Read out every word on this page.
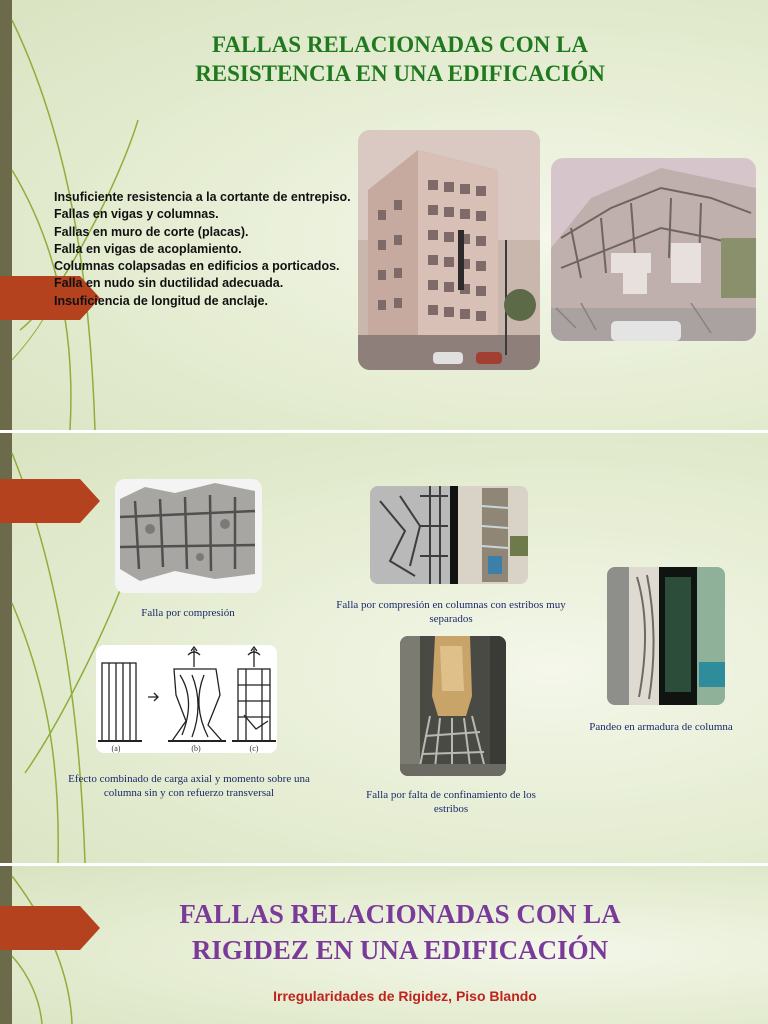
FALLAS RELACIONADAS CON LA RESISTENCIA EN UNA EDIFICACIÓN
Insuficiente resistencia a la cortante de entrepiso.
Fallas en vigas y columnas.
Fallas en muro de corte (placas).
Falla en vigas de acoplamiento.
Columnas colapsadas en edificios a porticados.
Falla en nudo sin ductilidad adecuada.
Insuficiencia de longitud de anclaje.
Falla por compresión
Falla por compresión en columnas con estribos muy separados
Pandeo en armadura de columna
(a)	(b)	(c)
Efecto combinado de carga axial y momento sobre una columna sin y con refuerzo transversal	Falla por falta de confinamiento de los estribos
FALLAS RELACIONADAS CON LA RIGIDEZ EN UNA EDIFICACIÓN
Irregularidades de Rigidez, Piso Blando
